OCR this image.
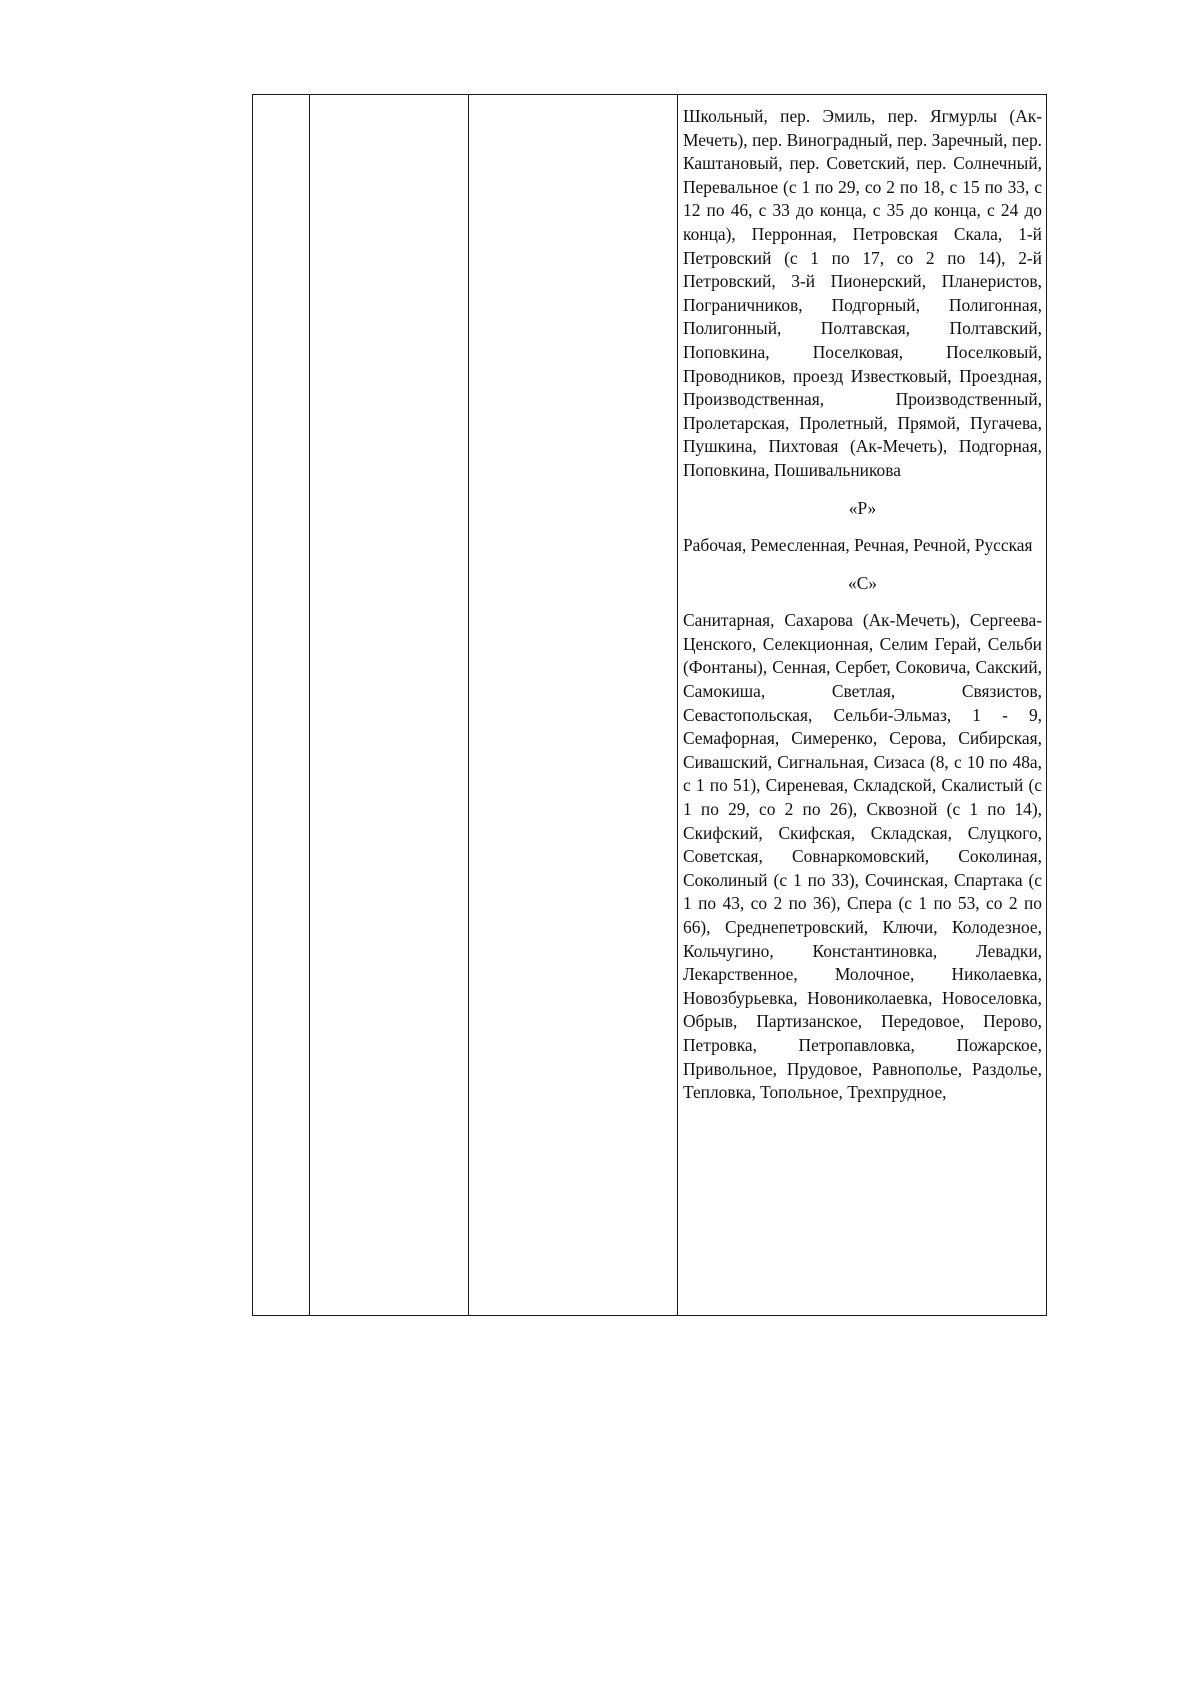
Школьный, пер. Эмиль, пер. Ягмурлы (Ак-Мечеть), пер. Виноградный, пер. Заречный, пер. Каштановый, пер. Советский, пер. Солнечный, Перевальное (с 1 по 29, со 2 по 18, с 15 по 33, с 12 по 46, с 33 до конца, с 35 до конца, с 24 до конца), Перронная, Петровская Скала, 1-й Петровский (с 1 по 17, со 2 по 14), 2-й Петровский, 3-й Пионерский, Планеристов, Пограничников, Подгорный, Полигонная, Полигонный, Полтавская, Полтавский, Поповкина, Поселковая, Поселковый, Проводников, проезд Известковый, Проездная, Производственная, Производственный, Пролетарская, Пролетный, Прямой, Пугачева, Пушкина, Пихтовая (Ак-Мечеть), Подгорная, Поповкина, Пошивальникова

«Р»

Рабочая, Ремесленная, Речная, Речной, Русская

«С»

Санитарная, Сахарова (Ак-Мечеть), Сергеева-Ценского, Селекционная, Селим Герай, Сельби (Фонтаны), Сенная, Сербет, Соковича, Сакский, Самокиша, Светлая, Связистов, Севастопольская, Сельби-Эльмаз, 1 - 9, Семафорная, Симеренко, Серова, Сибирская, Сивашский, Сигнальная, Сизаса (8, с 10 по 48а, с 1 по 51), Сиреневая, Складской, Скалистый (с 1 по 29, со 2 по 26), Сквозной (с 1 по 14), Скифский, Скифская, Складская, Слуцкого, Советская, Совнаркомовский, Соколиная, Соколиный (с 1 по 33), Сочинская, Спартака (с 1 по 43, со 2 по 36), Спера (с 1 по 53, со 2 по 66), Среднепетровский, Ключи, Колодезное, Кольчугино, Константиновка, Левадки, Лекарственное, Молочное, Николаевка, Новозбурьевка, Новониколаевка, Новоселовка, Обрыв, Партизанское, Передовое, Перово, Петровка, Петропавловка, Пожарское, Привольное, Прудовое, Равнополье, Раздолье, Тепловка, Топольное, Трехпрудное,
